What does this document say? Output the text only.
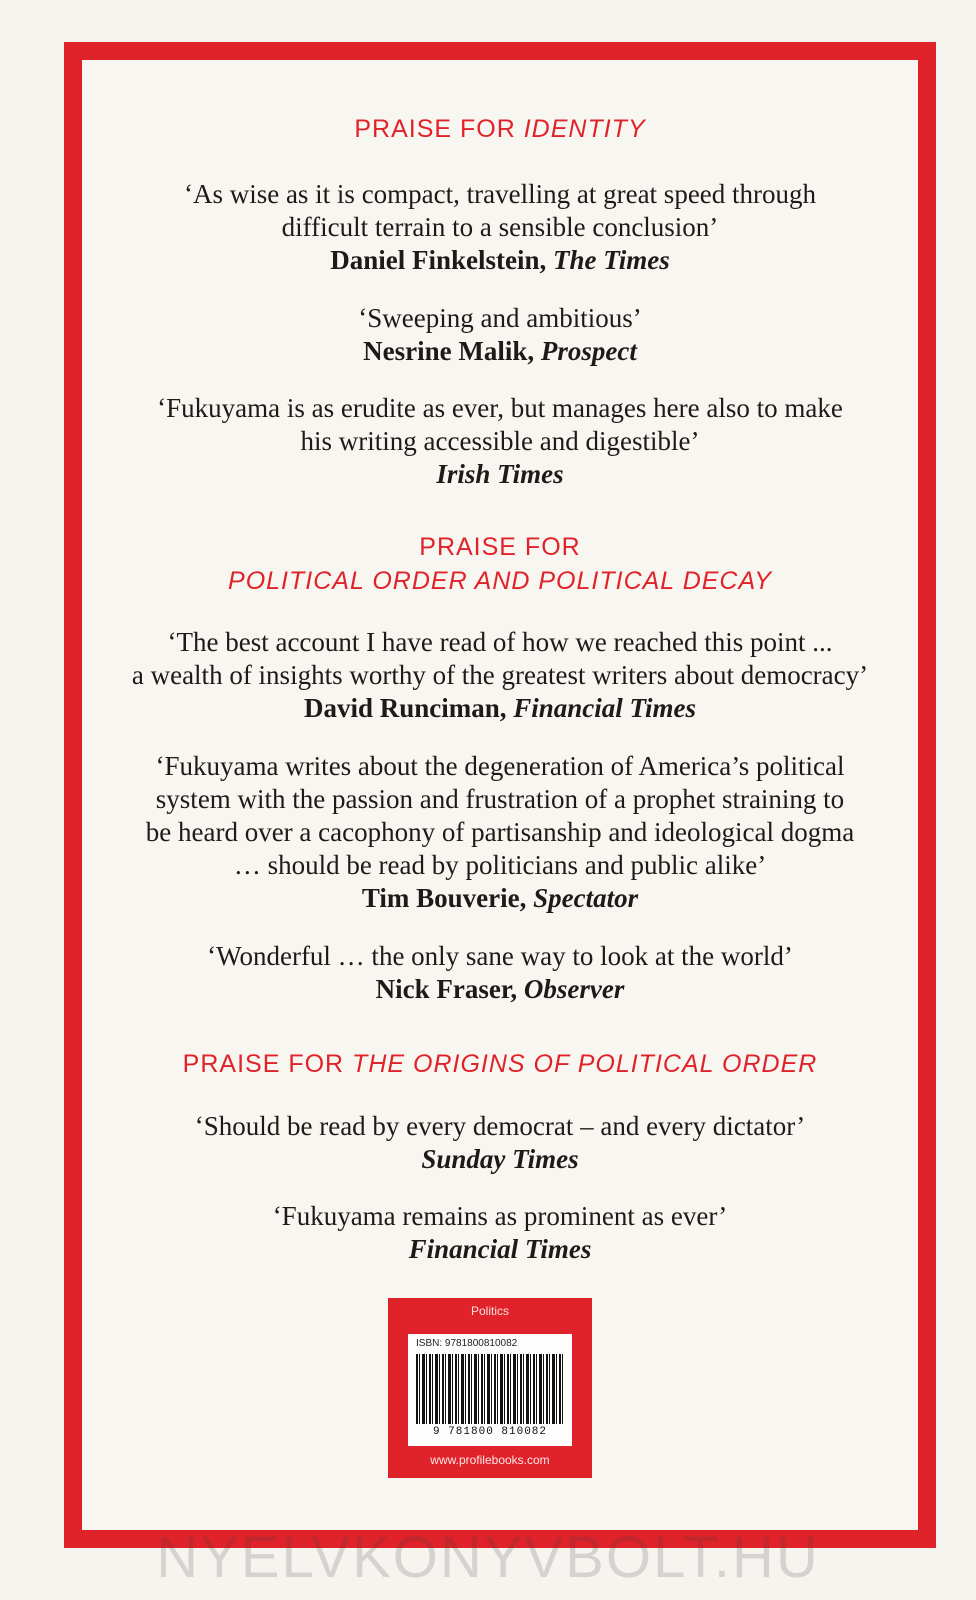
PRAISE FOR IDENTITY
‘As wise as it is compact, travelling at great speed through
difficult terrain to a sensible conclusion’
Daniel Finkelstein, The Times
‘Sweeping and ambitious’
Nesrine Malik, Prospect
‘Fukuyama is as erudite as ever, but manages here also to make
his writing accessible and digestible’
Irish Times
PRAISE FOR
POLITICAL ORDER AND POLITICAL DECAY
‘The best account I have read of how we reached this point ...
a wealth of insights worthy of the greatest writers about democracy’
David Runciman, Financial Times
‘Fukuyama writes about the degeneration of America’s political
system with the passion and frustration of a prophet straining to
be heard over a cacophony of partisanship and ideological dogma
… should be read by politicians and public alike’
Tim Bouverie, Spectator
‘Wonderful … the only sane way to look at the world’
Nick Fraser, Observer
PRAISE FOR THE ORIGINS OF POLITICAL ORDER
‘Should be read by every democrat – and every dictator’
Sunday Times
‘Fukuyama remains as prominent as ever’
Financial Times
Politics
ISBN: 9781800810082
9 781800 810082
www.profilebooks.com
NYELVKONYVBOLT.HU
